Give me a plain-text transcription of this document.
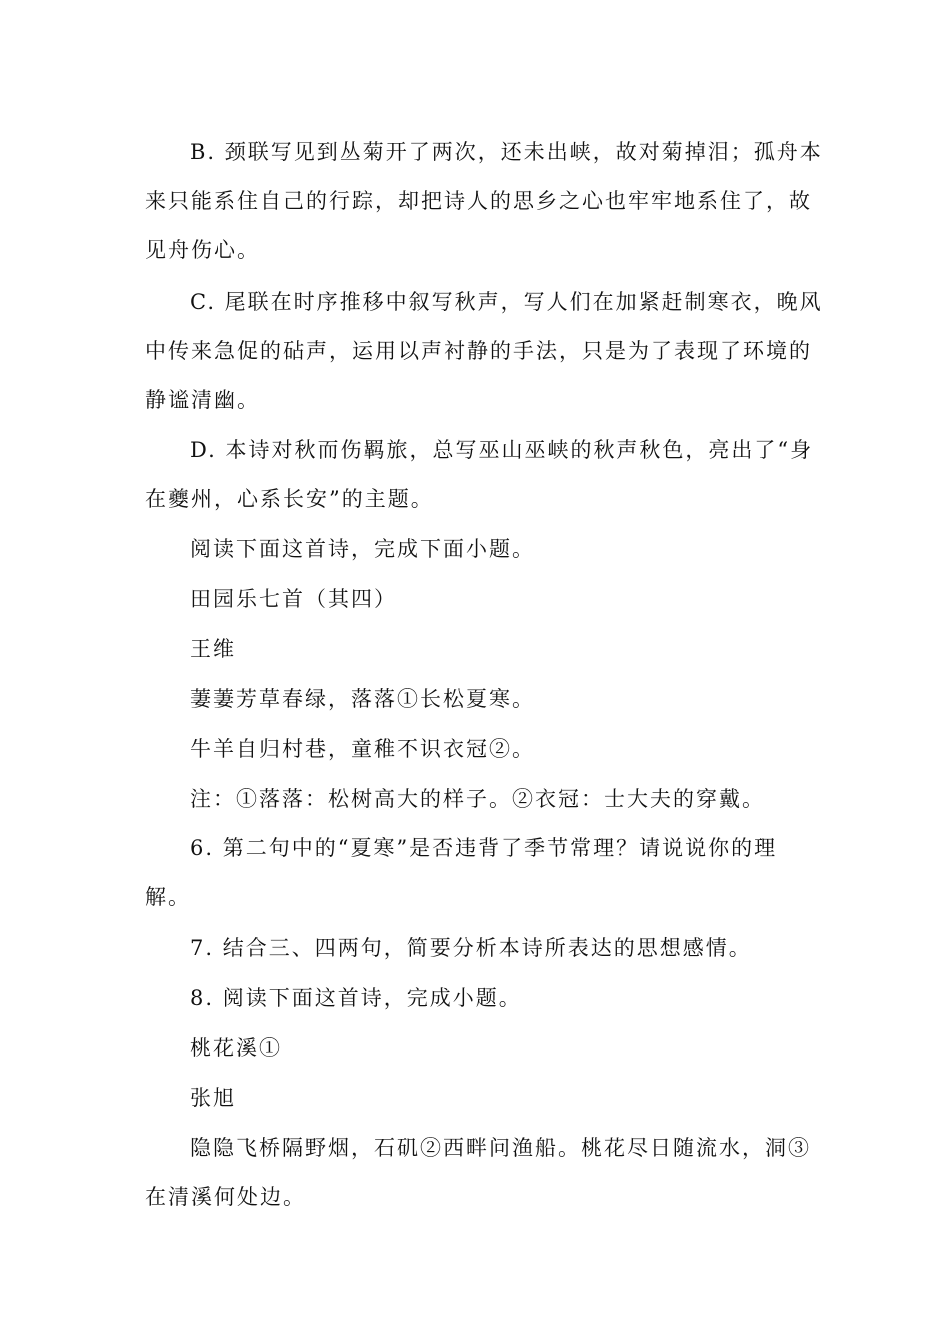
B. 颈联写见到丛菊开了两次，还未出峡，故对菊掉泪；孤舟本
来只能系住自己的行踪，却把诗人的思乡之心也牢牢地系住了，故
见舟伤心。
C. 尾联在时序推移中叙写秋声，写人们在加紧赶制寒衣，晚风
中传来急促的砧声，运用以声衬静的手法，只是为了表现了环境的
静谧清幽。
D. 本诗对秋而伤羁旅，总写巫山巫峡的秋声秋色，亮出了“身
在夔州，心系长安”的主题。
阅读下面这首诗，完成下面小题。
田园乐七首（其四）
王维
萋萋芳草春绿，落落①长松夏寒。
牛羊自归村巷，童稚不识衣冠②。
注：①落落：松树高大的样子。②衣冠：士大夫的穿戴。
6. 第二句中的“夏寒”是否违背了季节常理？请说说你的理
解。
7. 结合三、四两句，简要分析本诗所表达的思想感情。
8. 阅读下面这首诗，完成小题。
桃花溪①
张旭
隐隐飞桥隔野烟，石矶②西畔问渔船。桃花尽日随流水，洞③
在清溪何处边。
